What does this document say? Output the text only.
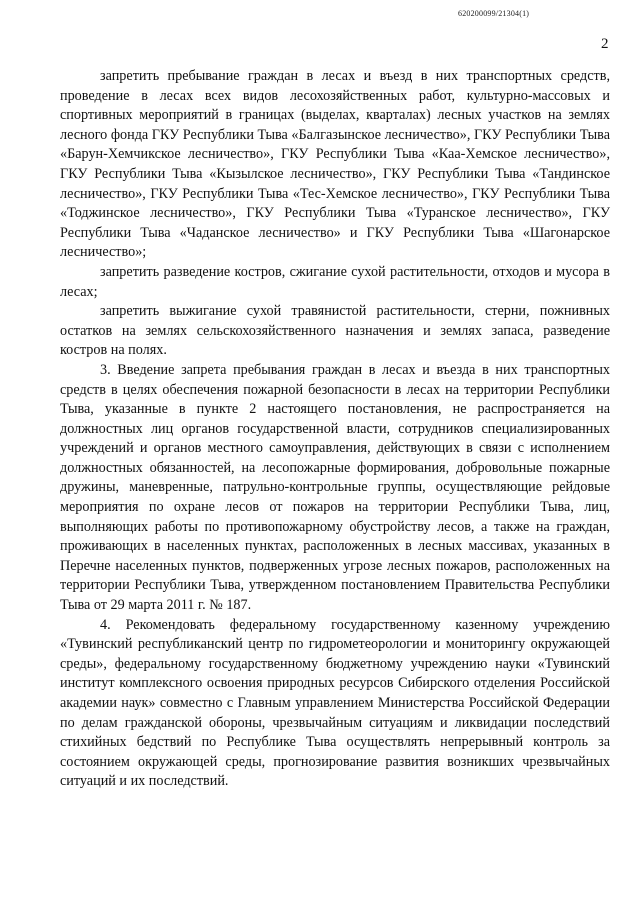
620200099/21304(1)
2

запретить пребывание граждан в лесах и въезд в них транспортных средств, проведение в лесах всех видов лесохозяйственных работ, культурно-массовых и спортивных мероприятий в границах (выделах, кварталах) лесных участков на землях лесного фонда ГКУ Республики Тыва «Балгазынское лесничество», ГКУ Республики Тыва «Барун-Хемчикское лесничество», ГКУ Республики Тыва «Каа-Хемское лесничество», ГКУ Республики Тыва «Кызылское лесничество», ГКУ Республики Тыва «Тандинское лесничество», ГКУ Республики Тыва «Тес-Хемское лесничество», ГКУ Республики Тыва «Тоджинское лесничество», ГКУ Республики Тыва «Туранское лесничество», ГКУ Республики Тыва «Чаданское лесничество» и ГКУ Республики Тыва «Шагонарское лесничество»;

запретить разведение костров, сжигание сухой растительности, отходов и мусора в лесах;

запретить выжигание сухой травянистой растительности, стерни, пожнивных остатков на землях сельскохозяйственного назначения и землях запаса, разведение костров на полях.

3. Введение запрета пребывания граждан в лесах и въезда в них транспортных средств в целях обеспечения пожарной безопасности в лесах на территории Республики Тыва, указанные в пункте 2 настоящего постановления, не распространяется на должностных лиц органов государственной власти, сотрудников специализированных учреждений и органов местного самоуправления, действующих в связи с исполнением должностных обязанностей, на лесопожарные формирования, добровольные пожарные дружины, маневренные, патрульно-контрольные группы, осуществляющие рейдовые мероприятия по охране лесов от пожаров на территории Республики Тыва, лиц, выполняющих работы по противопожарному обустройству лесов, а также на граждан, проживающих в населенных пунктах, расположенных в лесных массивах, указанных в Перечне населенных пунктов, подверженных угрозе лесных пожаров, расположенных на территории Республики Тыва, утвержденном постановлением Правительства Республики Тыва от 29 марта 2011 г. № 187.

4. Рекомендовать федеральному государственному казенному учреждению «Тувинский республиканский центр по гидрометеорологии и мониторингу окружающей среды», федеральному государственному бюджетному учреждению науки «Тувинский институт комплексного освоения природных ресурсов Сибирского отделения Российской академии наук» совместно с Главным управлением Министерства Российской Федерации по делам гражданской обороны, чрезвычайным ситуациям и ликвидации последствий стихийных бедствий по Республике Тыва осуществлять непрерывный контроль за состоянием окружающей среды, прогнозирование развития возникших чрезвычайных ситуаций и их последствий.
